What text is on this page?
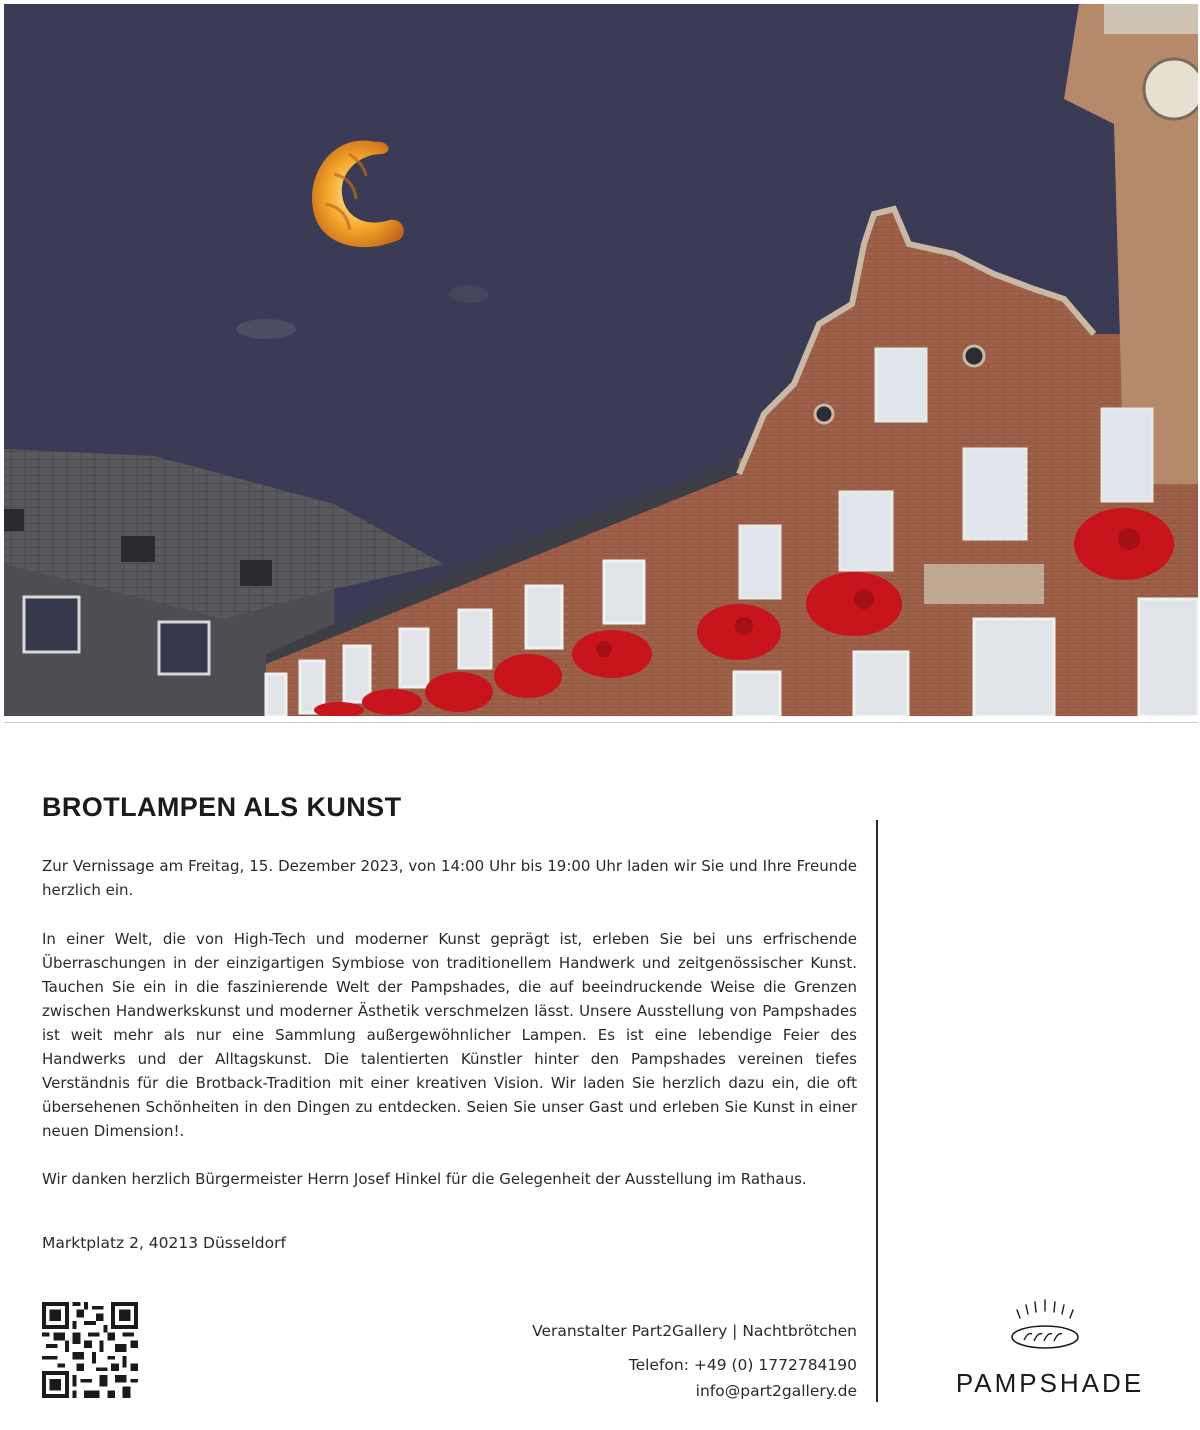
BROTLAMPEN ALS KUNST

Zur Vernissage am Freitag, 15. Dezember 2023, von 14:00 Uhr bis 19:00 Uhr laden wir Sie und Ihre Freunde herzlich ein.

In einer Welt, die von High-Tech und moderner Kunst geprägt ist, erleben Sie bei uns erfrischende Überraschungen in der einzigartigen Symbiose von traditionellem Handwerk und zeitgenössischer Kunst. Tauchen Sie ein in die faszinierende Welt der Pampshades, die auf beeindruckende Weise die Grenzen zwischen Handwerkskunst und moderner Ästhetik verschmelzen lässt. Unsere Ausstellung von Pampshades ist weit mehr als nur eine Sammlung außergewöhnlicher Lampen. Es ist eine lebendige Feier des Handwerks und der Alltagskunst. Die talentierten Künstler hinter den Pampshades vereinen tiefes Verständnis für die Brotback-Tradition mit einer kreativen Vision. Wir laden Sie herzlich dazu ein, die oft übersehenen Schönheiten in den Dingen zu entdecken. Seien Sie unser Gast und erleben Sie Kunst in einer neuen Dimension!.

Wir danken herzlich Bürgermeister Herrn Josef Hinkel für die Gelegenheit der Ausstellung im Rathaus.

Marktplatz 2, 40213 Düsseldorf

Veranstalter Part2Gallery | Nachtbrötchen
Telefon: +49 (0) 1772784190
info@part2gallery.de	PAMPSHADE
